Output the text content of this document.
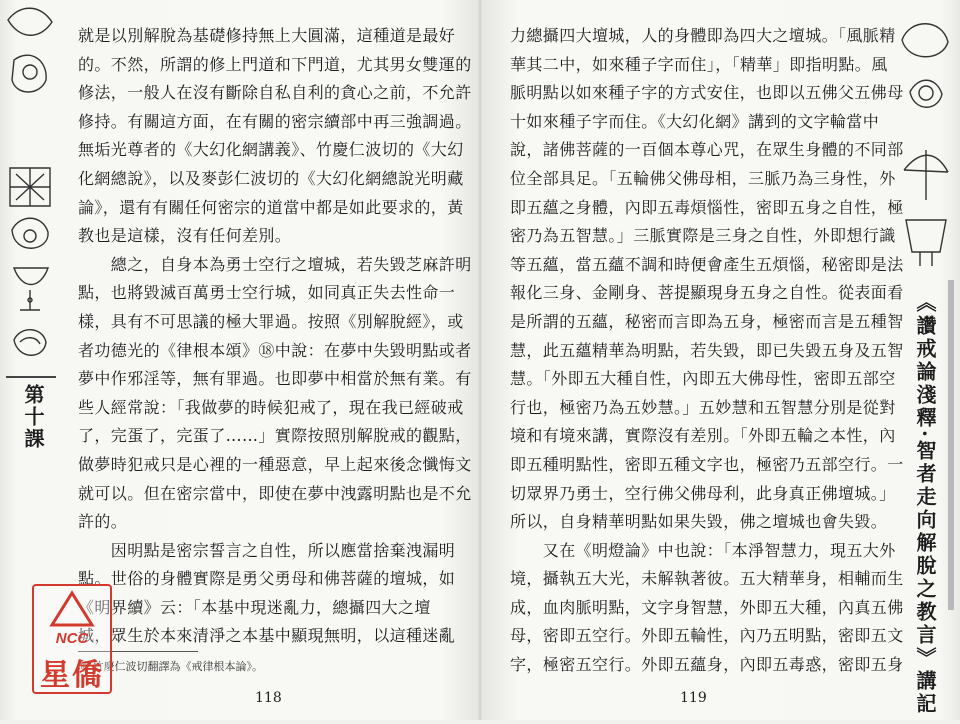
第十課
就是以別解脫為基礎修持無上大圓滿，這種道是最好
的。不然，所謂的修上門道和下門道，尤其男女雙運的
修法，一般人在沒有斷除自私自利的貪心之前，不允許
修持。有關這方面，在有關的密宗續部中再三強調過。
無垢光尊者的《大幻化網講義》、竹慶仁波切的《大幻
化網總說》，以及麥彭仁波切的《大幻化網總說光明藏
論》，還有有關任何密宗的道當中都是如此要求的，黃
教也是這樣，沒有任何差別。
　　總之，自身本為勇士空行之壇城，若失毀芝麻許明
點，也將毀滅百萬勇士空行城，如同真正失去性命一
樣，具有不可思議的極大罪過。按照《別解脫經》，或
者功德光的《律根本頌》⑱中說：在夢中失毀明點或者
夢中作邪淫等，無有罪過。也即夢中相當於無有業。有
些人經常說：「我做夢的時候犯戒了，現在我已經破戒
了，完蛋了，完蛋了……」實際按照別解脫戒的觀點，
做夢時犯戒只是心裡的一種惡意，早上起來後念懺悔文
就可以。但在密宗當中，即使在夢中洩露明點也是不允
許的。
　　因明點是密宗誓言之自性，所以應當捨棄洩漏明
點。世俗的身體實際是勇父勇母和佛菩薩的壇城，如
《明界續》云：「本基中現迷亂力，總攝四大之壇
城，眾生於本來清淨之本基中顯現無明，以這種迷亂
⑱ 竹慶仁波切翻譯為《戒律根本論》。
118
力總攝四大壇城，人的身體即為四大之壇城。「風脈精
華其二中，如來種子字而住」，「精華」即指明點。風
脈明點以如來種子字的方式安住，也即以五佛父五佛母
十如來種子字而住。《大幻化網》講到的文字輪當中
說，諸佛菩薩的一百個本尊心咒，在眾生身體的不同部
位全部具足。「五輪佛父佛母相，三脈乃為三身性，外
即五蘊之身體，內即五毒煩惱性，密即五身之自性，極
密乃為五智慧。」三脈實際是三身之自性，外即想行識
等五蘊，當五蘊不調和時便會產生五煩惱，秘密即是法
報化三身、金剛身、菩提顯現身五身之自性。從表面看
是所謂的五蘊，秘密而言即為五身，極密而言是五種智
慧，此五蘊精華為明點，若失毀，即已失毀五身及五智
慧。「外即五大種自性，內即五大佛母性，密即五部空
行也，極密乃為五妙慧。」五妙慧和五智慧分別是從對
境和有境來講，實際沒有差別。「外即五輪之本性，內
即五種明點性，密即五種文字也，極密乃五部空行。一
切眾界乃勇士，空行佛父佛母利，此身真正佛壇城。」
所以，自身精華明點如果失毀，佛之壇城也會失毀。
　　又在《明燈論》中也說：「本淨智慧力，現五大外
境，攝執五大光，未解執著彼。五大精華身，相輔而生
成，血肉脈明點，文字身智慧，外即五大種，內真五佛
母，密即五空行。外即五輪性，內乃五明點，密即五文
字，極密五空行。外即五蘊身，內即五毒惑，密即五身 《讚戒論淺釋·智者走向解脫之教言》講記
119
NCC
星僑
